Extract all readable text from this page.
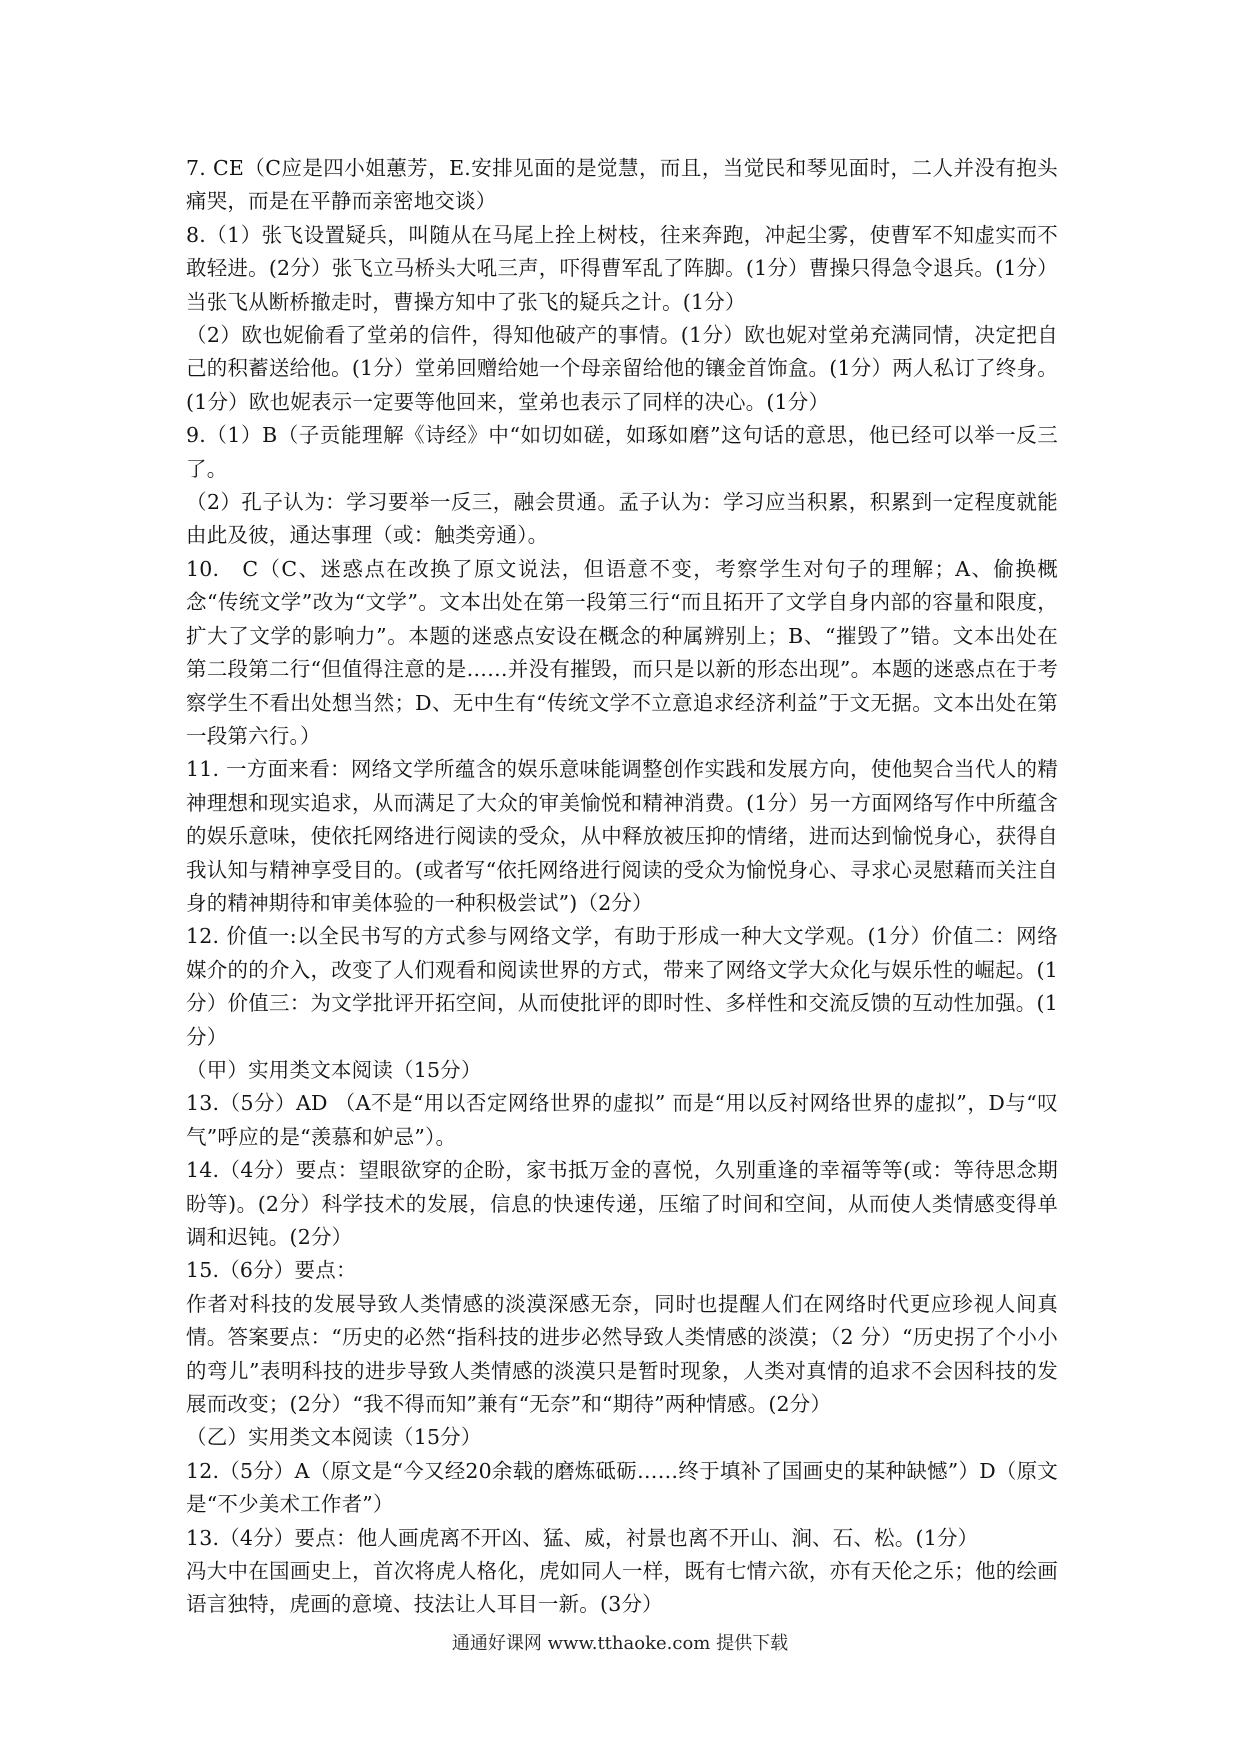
7. CE（C应是四小姐蕙芳，E.安排见面的是觉慧，而且，当觉民和琴见面时，二人并没有抱头痛哭，而是在平静而亲密地交谈）

8.（1）张飞设置疑兵，叫随从在马尾上拴上树枝，往来奔跑，冲起尘雾，使曹军不知虚实而不敢轻进。(2分）张飞立马桥头大吼三声，吓得曹军乱了阵脚。(1分）曹操只得急令退兵。(1分）当张飞从断桥撤走时，曹操方知中了张飞的疑兵之计。(1分）

（2）欧也妮偷看了堂弟的信件，得知他破产的事情。(1分）欧也妮对堂弟充满同情，决定把自己的积蓄送给他。(1分）堂弟回赠给她一个母亲留给他的镶金首饰盒。(1分）两人私订了终身。(1分）欧也妮表示一定要等他回来，堂弟也表示了同样的决心。(1分）

9.（1）B（子贡能理解《诗经》中“如切如磋，如琢如磨”这句话的意思，他已经可以举一反三了。

（2）孔子认为：学习要举一反三，融会贯通。孟子认为：学习应当积累，积累到一定程度就能由此及彼，通达事理（或：触类旁通）。

10.　C（C、迷惑点在改换了原文说法，但语意不变，考察学生对句子的理解；A、偷换概念“传统文学”改为“文学”。文本出处在第一段第三行“而且拓开了文学自身内部的容量和限度，扩大了文学的影响力”。本题的迷惑点安设在概念的种属辨别上；B、“摧毁了”错。文本出处在第二段第二行“但值得注意的是……并没有摧毁，而只是以新的形态出现”。本题的迷惑点在于考察学生不看出处想当然；D、无中生有“传统文学不立意追求经济利益”于文无据。文本出处在第一段第六行。）

11. 一方面来看：网络文学所蕴含的娱乐意味能调整创作实践和发展方向，使他契合当代人的精神理想和现实追求，从而满足了大众的审美愉悦和精神消费。(1分）另一方面网络写作中所蕴含的娱乐意味，使依托网络进行阅读的受众，从中释放被压抑的情绪，进而达到愉悦身心，获得自我认知与精神享受目的。(或者写“依托网络进行阅读的受众为愉悦身心、寻求心灵慰藉而关注自身的精神期待和审美体验的一种积极尝试”)（2分）

12. 价值一:以全民书写的方式参与网络文学，有助于形成一种大文学观。(1分）价值二：网络媒介的的介入，改变了人们观看和阅读世界的方式，带来了网络文学大众化与娱乐性的崛起。(1 分）价值三：为文学批评开拓空间，从而使批评的即时性、多样性和交流反馈的互动性加强。(1分）

（甲）实用类文本阅读（15分）

13.（5分）AD （A不是“用以否定网络世界的虚拟” 而是“用以反衬网络世界的虚拟”，D与“叹气”呼应的是“羡慕和妒忌”）。

14.（4分）要点：望眼欲穿的企盼，家书抵万金的喜悦，久别重逢的幸福等等(或：等待思念期盼等)。(2分）科学技术的发展，信息的快速传递，压缩了时间和空间，从而使人类情感变得单调和迟钝。(2分）

15.（6分）要点：

作者对科技的发展导致人类情感的淡漠深感无奈，同时也提醒人们在网络时代更应珍视人间真情。答案要点：“历史的必然“指科技的进步必然导致人类情感的淡漠；（2 分）“历史拐了个小小的弯儿”表明科技的进步导致人类情感的淡漠只是暂时现象，人类对真情的追求不会因科技的发展而改变；(2分）“我不得而知”兼有“无奈”和“期待”两种情感。(2分）

（乙）实用类文本阅读（15分）

12.（5分）A（原文是“今又经20余载的磨炼砥砺……终于填补了国画史的某种缺憾”）D（原文是“不少美术工作者”）

13.（4分）要点：他人画虎离不开凶、猛、威，衬景也离不开山、涧、石、松。(1分）

冯大中在国画史上，首次将虎人格化，虎如同人一样，既有七情六欲，亦有天伦之乐；他的绘画语言独特，虎画的意境、技法让人耳目一新。(3分）

通通好课网 www.tthaoke.com 提供下载
